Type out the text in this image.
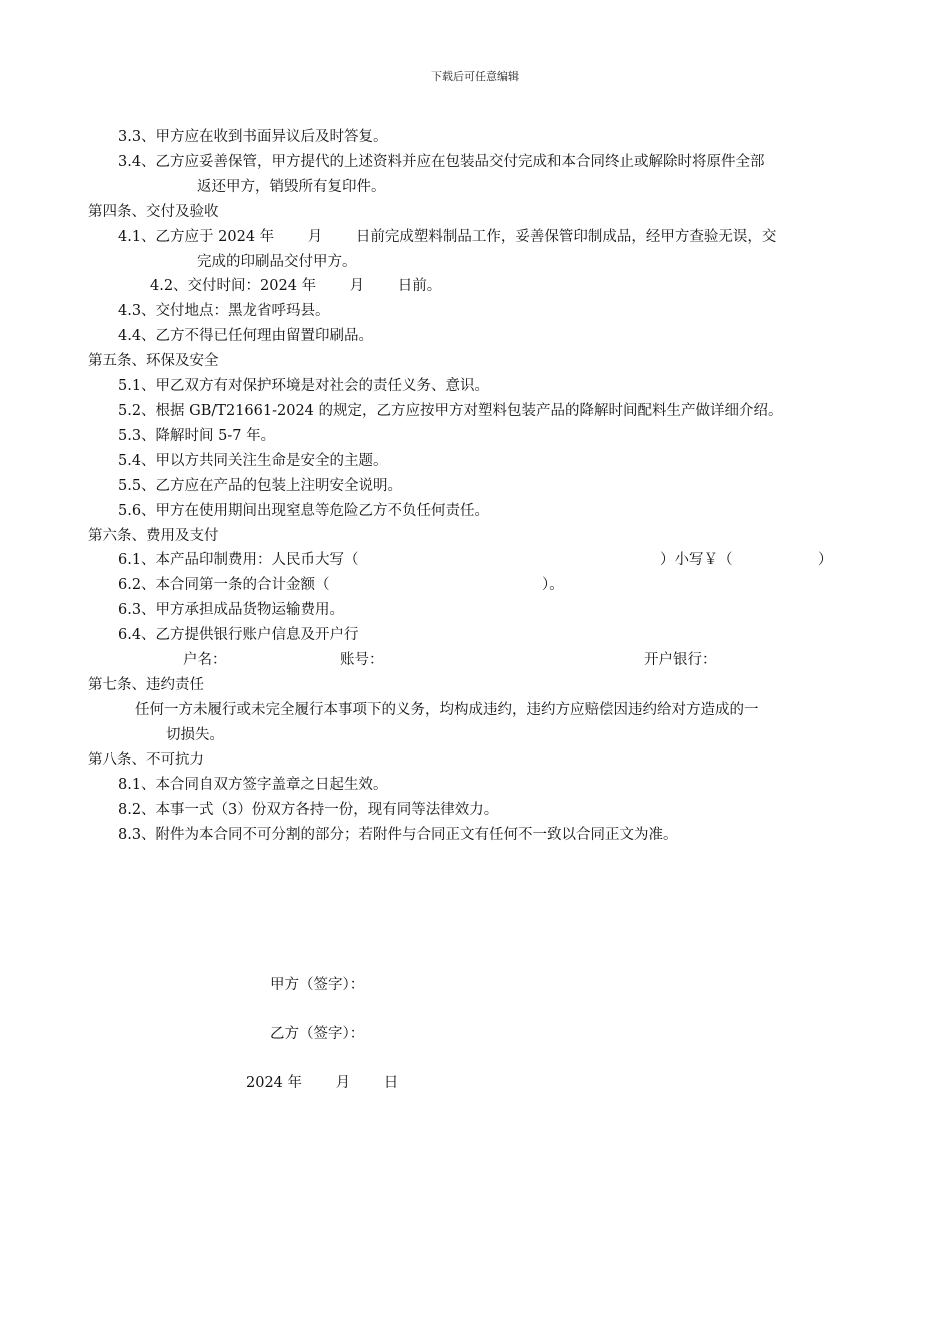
下载后可任意编辑
3.3、甲方应在收到书面异议后及时答复。
3.4、乙方应妥善保管，甲方提代的上述资料并应在包装品交付完成和本合同终止或解除时将原件全部
返还甲方，销毁所有复印件。
第四条、交付及验收
4.1、乙方应于 2024 年　　 月　　 日前完成塑料制品工作，妥善保管印制成品，经甲方查验无误，交
完成的印刷品交付甲方。
4.2、交付时间：2024 年　　 月　　 日前。
4.3、交付地点：黑龙省呼玛县。
4.4、乙方不得已任何理由留置印刷品。
第五条、环保及安全
5.1、甲乙双方有对保护环境是对社会的责任义务、意识。
5.2、根据 GB/T21661-2024 的规定，乙方应按甲方对塑料包装产品的降解时间配料生产做详细介绍。
5.3、降解时间 5-7 年。
5.4、甲以方共同关注生命是安全的主题。
5.5、乙方应在产品的包装上注明安全说明。
5.6、甲方在使用期间出现窒息等危险乙方不负任何责任。
第六条、费用及支付
6.1、本产品印制费用：人民币大写（	）小写￥（	）
6.2、本合同第一条的合计金额（	）。
6.3、甲方承担成品货物运输费用。
6.4、乙方提供银行账户信息及开户行
户名：	账号：	开户银行：
第七条、违约责任
任何一方未履行或未完全履行本事项下的义务，均构成违约，违约方应赔偿因违约给对方造成的一
切损失。
第八条、不可抗力
8.1、本合同自双方签字盖章之日起生效。
8.2、本事一式（3）份双方各持一份，现有同等法律效力。
8.3、附件为本合同不可分割的部分；若附件与合同正文有任何不一致以合同正文为准。
甲方（签字）：
乙方（签字）：
2024 年　　 月　　 日
